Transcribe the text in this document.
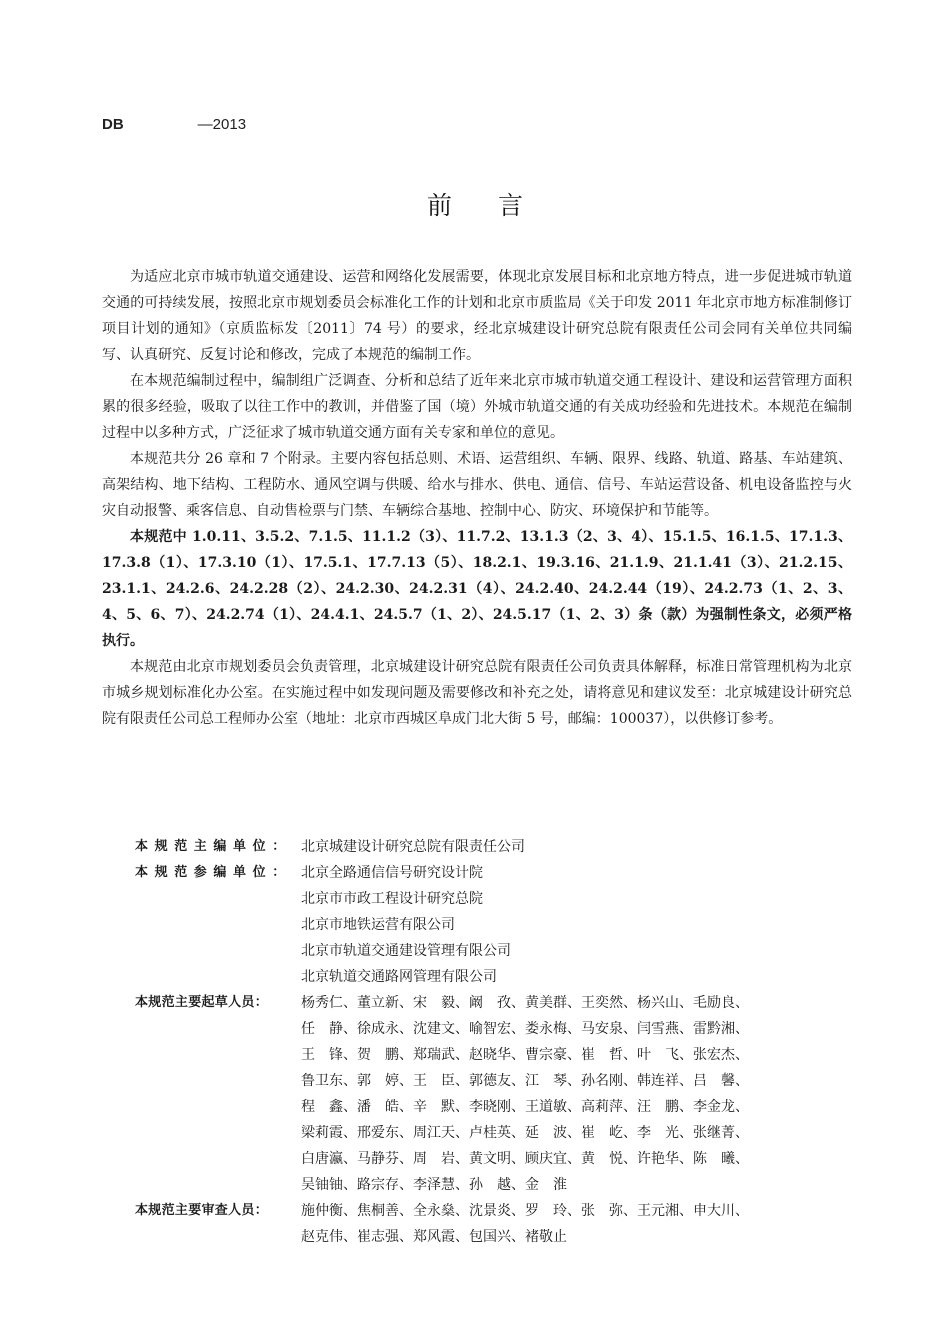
DB	—2013
前言

为适应北京市城市轨道交通建设、运营和网络化发展需要，体现北京发展目标和北京地方特点，进一步促进城市轨道交通的可持续发展，按照北京市规划委员会标准化工作的计划和北京市质监局《关于印发 2011 年北京市地方标准制修订项目计划的通知》（京质监标发〔2011〕74 号）的要求，经北京城建设计研究总院有限责任公司会同有关单位共同编写、认真研究、反复讨论和修改，完成了本规范的编制工作。

在本规范编制过程中，编制组广泛调查、分析和总结了近年来北京市城市轨道交通工程设计、建设和运营管理方面积累的很多经验，吸取了以往工作中的教训，并借鉴了国（境）外城市轨道交通的有关成功经验和先进技术。本规范在编制过程中以多种方式，广泛征求了城市轨道交通方面有关专家和单位的意见。

本规范共分 26 章和 7 个附录。主要内容包括总则、术语、运营组织、车辆、限界、线路、轨道、路基、车站建筑、高架结构、地下结构、工程防水、通风空调与供暖、给水与排水、供电、通信、信号、车站运营设备、机电设备监控与火灾自动报警、乘客信息、自动售检票与门禁、车辆综合基地、控制中心、防灾、环境保护和节能等。

本规范中 1.0.11、3.5.2、7.1.5、11.1.2（3）、11.7.2、13.1.3（2、3、4）、15.1.5、16.1.5、17.1.3、17.3.8（1）、17.3.10（1）、17.5.1、17.7.13（5）、18.2.1、19.3.16、21.1.9、21.1.41（3）、21.2.15、23.1.1、24.2.6、24.2.28（2）、24.2.30、24.2.31（4）、24.2.40、24.2.44（19）、24.2.73（1、2、3、4、5、6、7）、24.2.74（1）、24.4.1、24.5.7（1、2）、24.5.17（1、2、3）条（款）为强制性条文，必须严格执行。

本规范由北京市规划委员会负责管理，北京城建设计研究总院有限责任公司负责具体解释，标准日常管理机构为北京市城乡规划标准化办公室。在实施过程中如发现问题及需要修改和补充之处，请将意见和建议发至：北京城建设计研究总院有限责任公司总工程师办公室（地址：北京市西城区阜成门北大街 5 号，邮编：100037），以供修订参考。

本规范主编单位： 北京城建设计研究总院有限责任公司
本规范参编单位： 北京全路通信信号研究设计院
北京市市政工程设计研究总院
北京市地铁运营有限公司
北京市轨道交通建设管理有限公司
北京轨道交通路网管理有限公司
本规范主要起草人员：	杨秀仁、董立新、宋　毅、阚　孜、黄美群、王奕然、杨兴山、毛励良、
任　静、徐成永、沈建文、喻智宏、娄永梅、马安泉、闫雪燕、雷黔湘、
王　锋、贺　鹏、郑瑞武、赵晓华、曹宗豪、崔　哲、叶　飞、张宏杰、
鲁卫东、郭　婷、王　臣、郭德友、江　琴、孙名刚、韩连祥、吕　馨、
程　鑫、潘　皓、辛　默、李晓刚、王道敏、高莉萍、汪　鹏、李金龙、
梁莉霞、邢爱东、周江天、卢桂英、延　波、崔　屹、李　光、张继菁、
白唐瀛、马静芬、周　岩、黄文明、顾庆宜、黄　悦、许艳华、陈　曦、
吴铀铀、路宗存、李泽慧、孙　越、金　淮
本规范主要审查人员：	施仲衡、焦桐善、全永燊、沈景炎、罗　玲、张　弥、王元湘、申大川、
赵克伟、崔志强、郑风霞、包国兴、褚敬止
